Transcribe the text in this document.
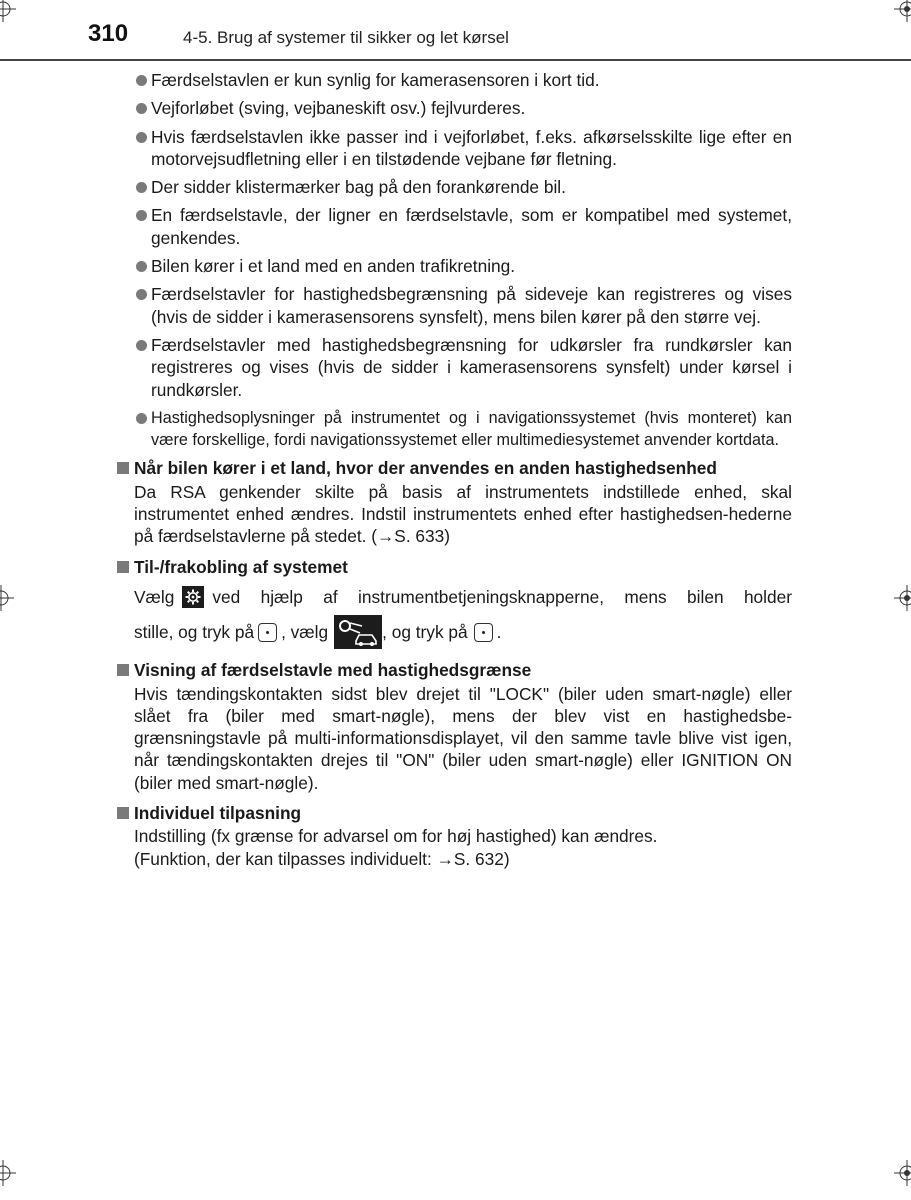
310	4-5. Brug af systemer til sikker og let kørsel
Færdselstavlen er kun synlig for kamerasensoren i kort tid.
Vejforløbet (sving, vejbaneskift osv.) fejlvurderes.
Hvis færdselstavlen ikke passer ind i vejforløbet, f.eks. afkørselsskilte lige efter en motorvejsudfletning eller i en tilstødende vejbane før fletning.
Der sidder klistermærker bag på den forankørende bil.
En færdselstavle, der ligner en færdselstavle, som er kompatibel med systemet, genkendes.
Bilen kører i et land med en anden trafikretning.
Færdselstavler for hastighedsbegrænsning på sideveje kan registreres og vises (hvis de sidder i kamerasensorens synsfelt), mens bilen kører på den større vej.
Færdselstavler med hastighedsbegrænsning for udkørsler fra rundkørsler kan registreres og vises (hvis de sidder i kamerasensorens synsfelt) under kørsel i rundkørsler.
Hastighedsoplysninger på instrumentet og i navigationssystemet (hvis monteret) kan være forskellige, fordi navigationssystemet eller multimediesystemet anvender kortdata.
Når bilen kører i et land, hvor der anvendes en anden hastighedsenhed
Da RSA genkender skilte på basis af instrumentets indstillede enhed, skal instrumentet enhed ændres. Indstil instrumentets enhed efter hastighedsen-hederne på færdselstavlerne på stedet. (→S. 633)
Til-/frakobling af systemet
Vælg ved hjælp af instrumentbetjeningsknapperne, mens bilen holder
stille, og tryk på , vælg	, og tryk på .
Visning af færdselstavle med hastighedsgrænse
Hvis tændingskontakten sidst blev drejet til "LOCK" (biler uden smart-nøgle) eller slået fra (biler med smart-nøgle), mens der blev vist en hastighedsbe-grænsningstavle på multi-informationsdisplayet, vil den samme tavle blive vist igen, når tændingskontakten drejes til "ON" (biler uden smart-nøgle) eller IGNITION ON (biler med smart-nøgle).
Individuel tilpasning
Indstilling (fx grænse for advarsel om for høj hastighed) kan ændres.
(Funktion, der kan tilpasses individuelt: →S. 632)
